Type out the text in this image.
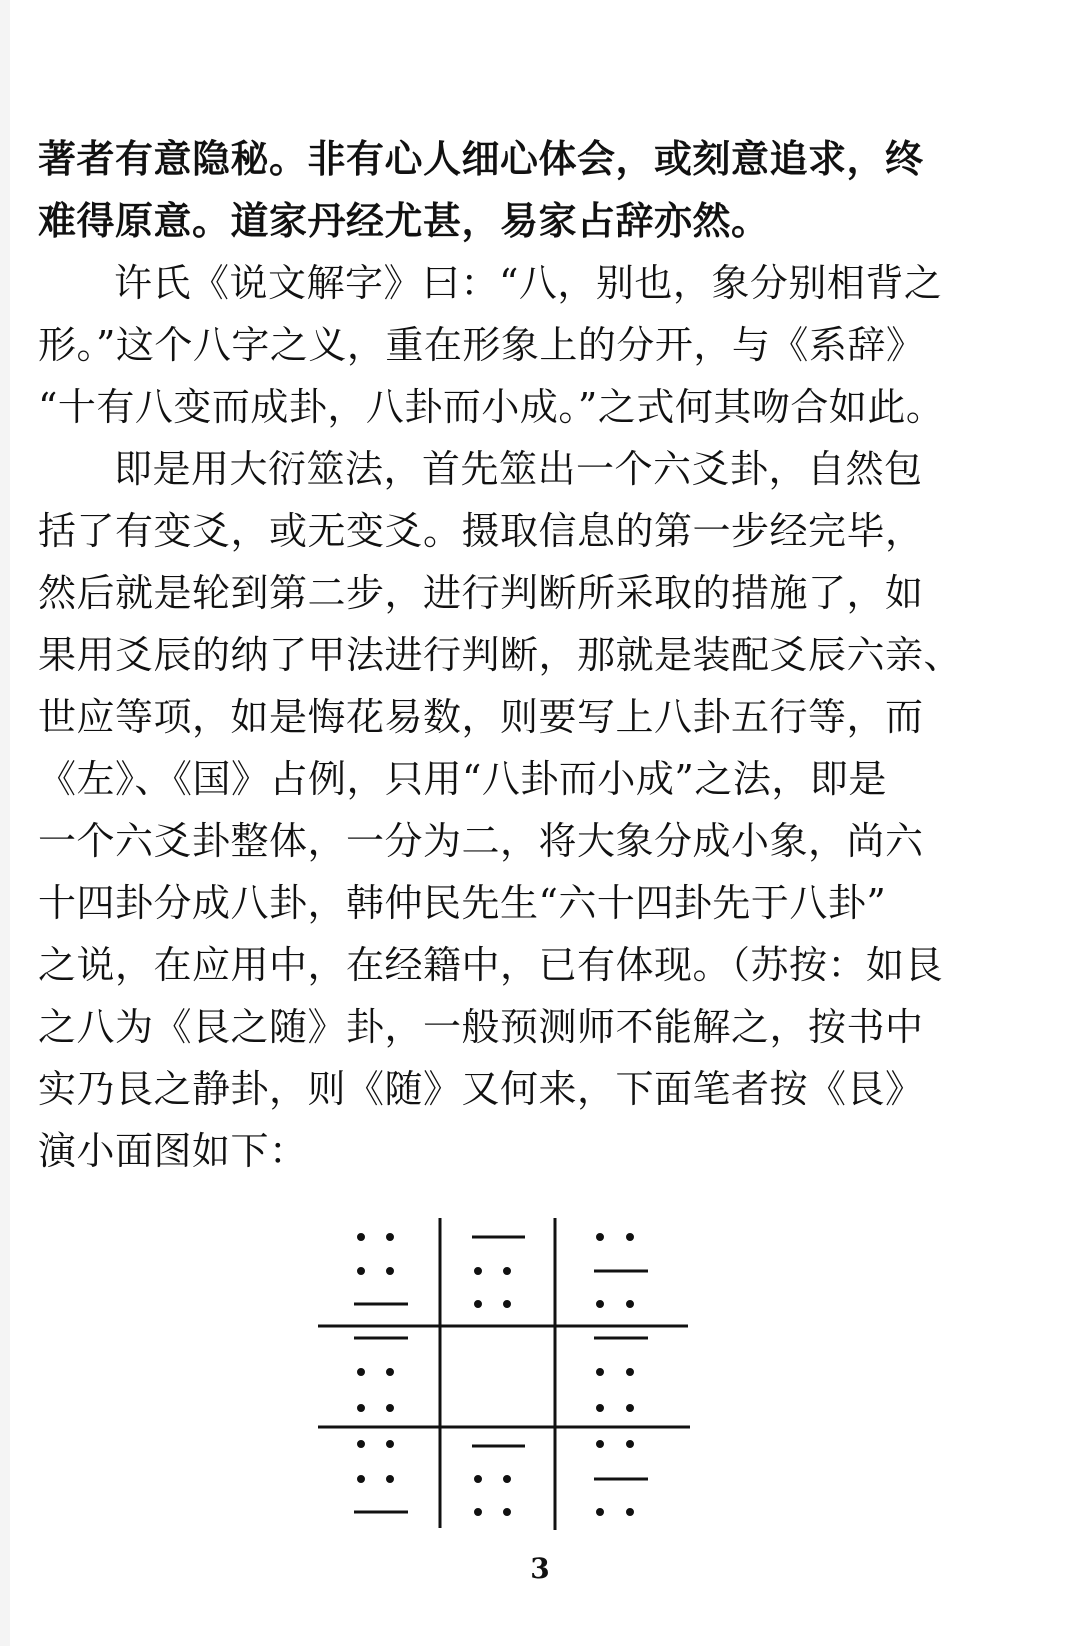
著者有意隐秘。非有心人细心体会，或刻意追求，终
难得原意。道家丹经尤甚，易家占辞亦然。
许氏《说文解字》曰：“八，别也，象分别相背之
形。”这个八字之义，重在形象上的分开，与《系辞》
“十有八变而成卦，八卦而小成。”之式何其吻合如此。
即是用大衍筮法，首先筮出一个六爻卦，自然包
括了有变爻，或无变爻。摄取信息的第一步经完毕，
然后就是轮到第二步，进行判断所采取的措施了，如
果用爻辰的纳了甲法进行判断，那就是装配爻辰六亲、
世应等项，如是悔花易数，则要写上八卦五行等，而
《左》、《国》占例，只用“八卦而小成”之法，即是
一个六爻卦整体，一分为二，将大象分成小象，尚六
十四卦分成八卦，韩仲民先生“六十四卦先于八卦”
之说，在应用中，在经籍中，已有体现。（苏按：如艮
之八为《艮之随》卦，一般预测师不能解之，按书中
实乃艮之静卦，则《随》又何来，下面笔者按《艮》
演小面图如下：
3
